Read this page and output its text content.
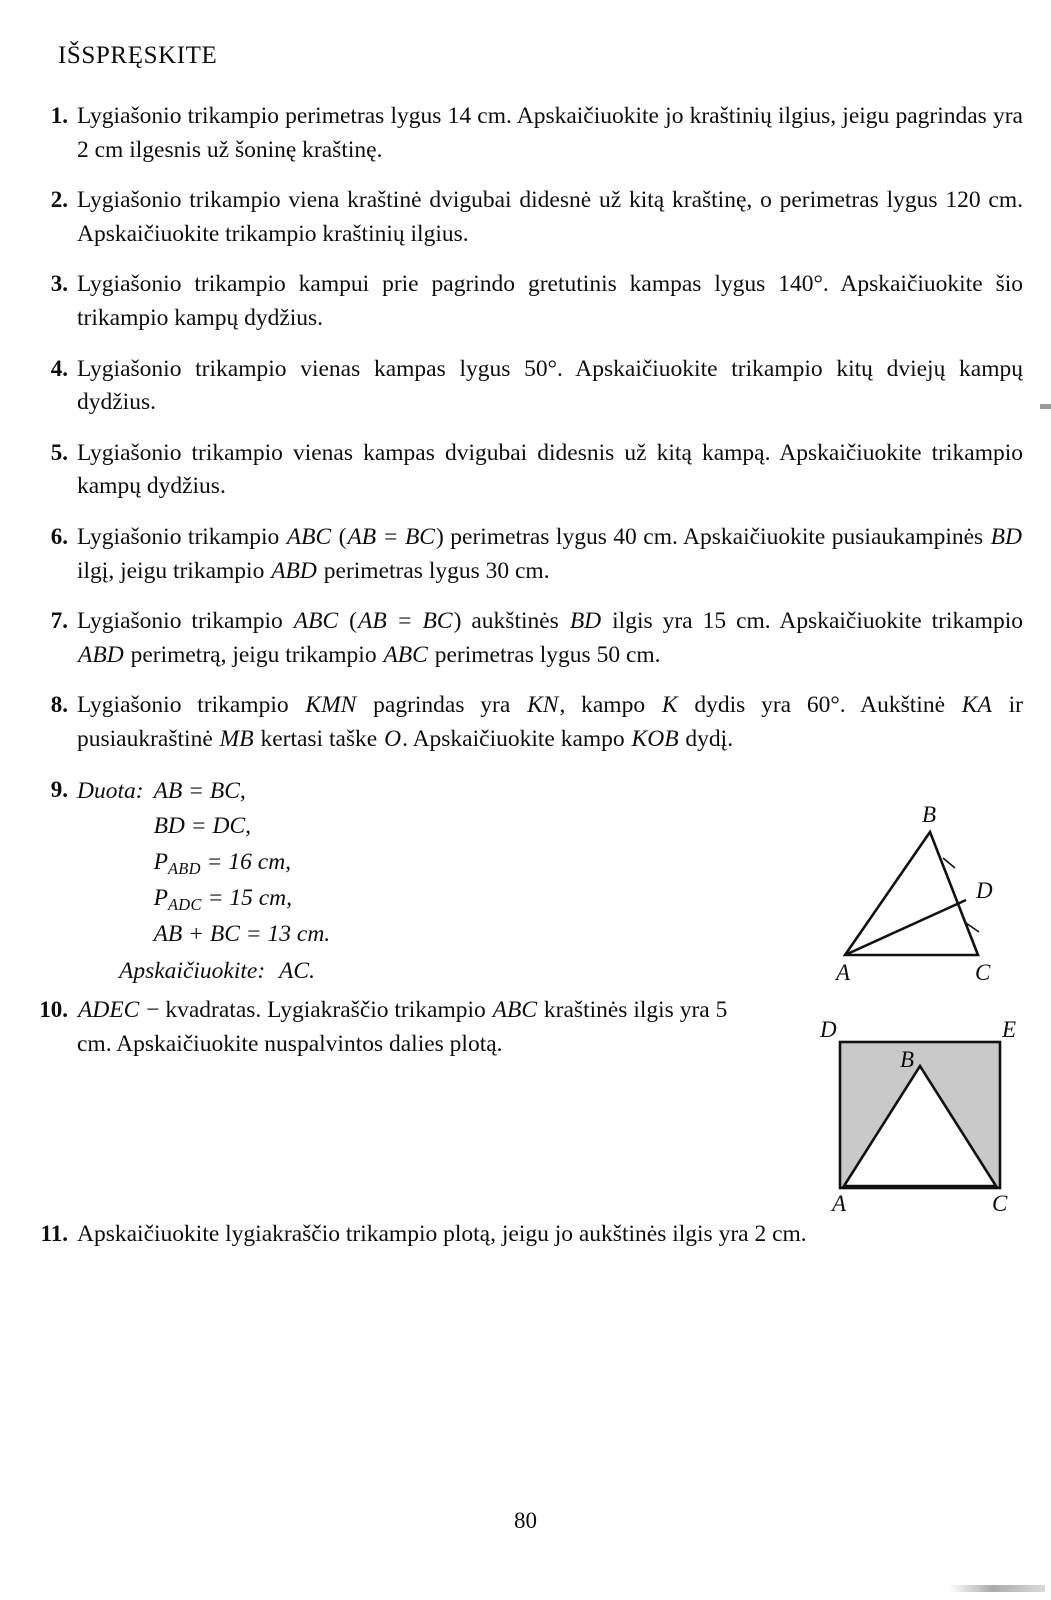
IŠSPRĘSKITE
1. Lygiašonio trikampio perimetras lygus 14 cm. Apskaičiuokite jo kraštinių ilgius, jeigu pagrindas yra 2 cm ilgesnis už šoninę kraštinę.
2. Lygiašonio trikampio viena kraštinė dvigubai didesnė už kitą kraštinę, o perimetras lygus 120 cm. Apskaičiuokite trikampio kraštinių ilgius.
3. Lygiašonio trikampio kampui prie pagrindo gretutinis kampas lygus 140°. Apskaičiuokite šio trikampio kampų dydžius.
4. Lygiašonio trikampio vienas kampas lygus 50°. Apskaičiuokite trikampio kitų dviejų kampų dydžius.
5. Lygiašonio trikampio vienas kampas dvigubai didesnis už kitą kampą. Apskaičiuokite trikampio kampų dydžius.
6. Lygiašonio trikampio ABC (AB = BC) perimetras lygus 40 cm. Apskaičiuokite pusiaukampinės BD ilgį, jeigu trikampio ABD perimetras lygus 30 cm.
7. Lygiašonio trikampio ABC (AB = BC) aukštinės BD ilgis yra 15 cm. Apskaičiuokite trikampio ABD perimetrą, jeigu trikampio ABC perimetras lygus 50 cm.
8. Lygiašonio trikampio KMN pagrindas yra KN, kampo K dydis yra 60°. Aukštinė KA ir pusiaukraštinė MB kertasi taške O. Apskaičiuokite kampo KOB dydį.
9. Duota: AB = BC,
BD = DC,
$P_{ABD} = 16$ cm,
$P_{ADC} = 15$ cm,
AB + BC = 13 cm.
Apskaičiuokite: AC.
10. ADEC − kvadratas. Lygiakraščio trikampio ABC kraštinės ilgis yra 5 cm. Apskaičiuokite nuspalvintos dalies plotą.
11. Apskaičiuokite lygiakraščio trikampio plotą, jeigu jo aukštinės ilgis yra 2 cm.
B
D
A	C
D	E
B
A	C
80
